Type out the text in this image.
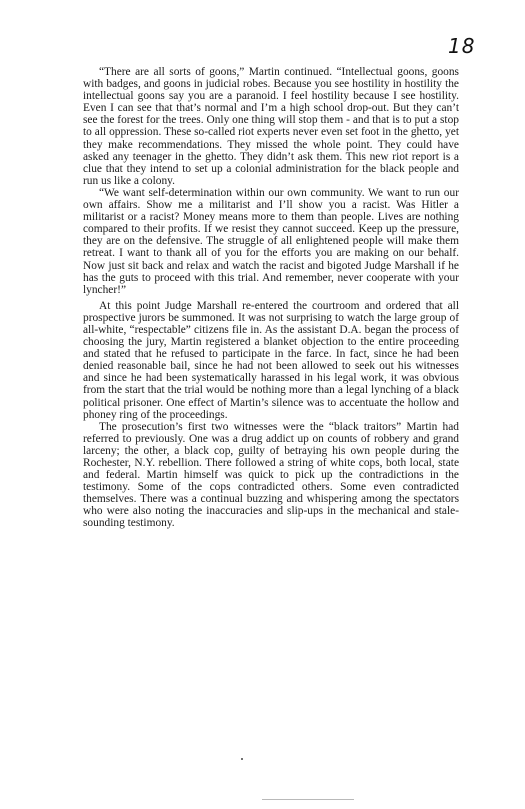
18

“There are all sorts of goons,” Martin continued. “Intellectual goons, goons with badges, and goons in judicial robes. Because you see hostility in hostility the intellectual goons say you are a paranoid. I feel hostility because I see hostility. Even I can see that that’s normal and I’m a high school drop-out. But they can’t see the forest for the trees. Only one thing will stop them - and that is to put a stop to all oppression. These so-called riot experts never even set foot in the ghetto, yet they make recommendations. They missed the whole point. They could have asked any teenager in the ghetto. They didn’t ask them. This new riot report is a clue that they intend to set up a colonial administration for the black people and run us like a colony.

“We want self-determination within our own community. We want to run our own affairs. Show me a militarist and I’ll show you a racist. Was Hitler a militarist or a racist? Money means more to them than people. Lives are nothing compared to their profits. If we resist they cannot succeed. Keep up the pressure, they are on the defensive. The struggle of all enlightened people will make them retreat. I want to thank all of you for the efforts you are making on our behalf. Now just sit back and relax and watch the racist and bigoted Judge Marshall if he has the guts to proceed with this trial. And remember, never cooperate with your lyncher!”

At this point Judge Marshall re-entered the courtroom and ordered that all prospective jurors be summoned. It was not surprising to watch the large group of all-white, “respectable” citizens file in. As the assistant D.A. began the process of choosing the jury, Martin registered a blanket objection to the entire proceeding and stated that he refused to participate in the farce. In fact, since he had been denied reasonable bail, since he had not been allowed to seek out his witnesses and since he had been systematically harassed in his legal work, it was obvious from the start that the trial would be nothing more than a legal lynching of a black political prisoner. One effect of Martin’s silence was to accentuate the hollow and phoney ring of the proceedings.

The prosecution’s first two witnesses were the “black traitors” Martin had referred to previously. One was a drug addict up on counts of robbery and grand larceny; the other, a black cop, guilty of betraying his own people during the Rochester, N.Y. rebellion. There followed a string of white cops, both local, state and federal. Martin himself was quick to pick up the contradictions in the testimony. Some of the cops contradicted others. Some even contradicted themselves. There was a continual buzzing and whispering among the spectators who were also noting the inaccuracies and slip-ups in the mechanical and stale-sounding testimony.
